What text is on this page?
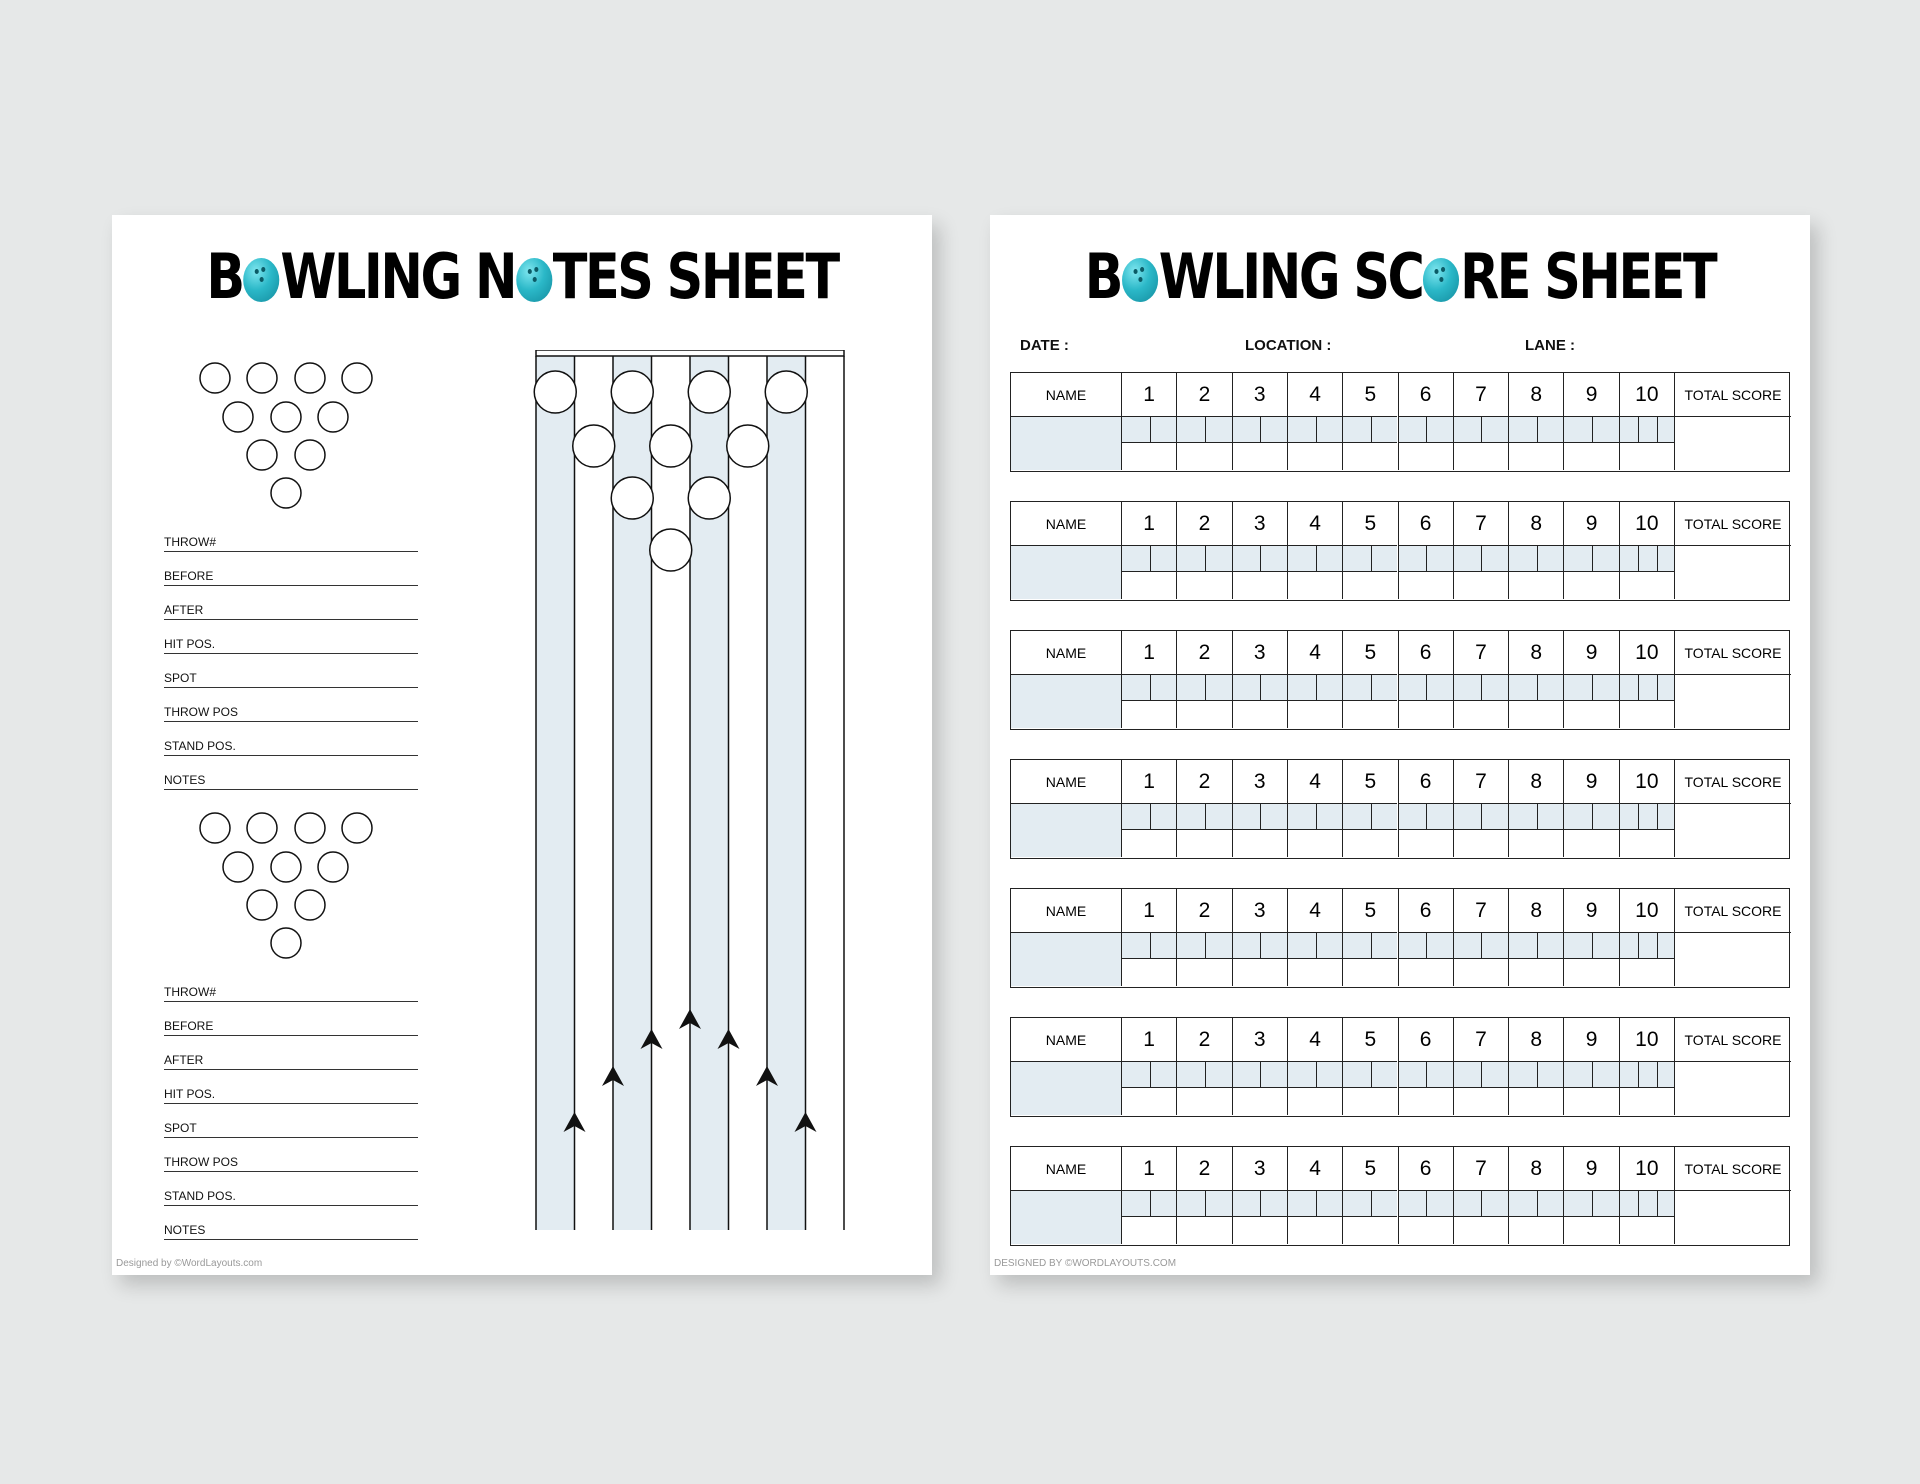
B WLING N TES SHEET
THROW#
BEFORE
AFTER
HIT POS.
SPOT
THROW POS
STAND POS.
NOTES
THROW#
BEFORE
AFTER
HIT POS.
SPOT
THROW POS
STAND POS.
NOTES
Designed by ©WordLayouts.com
B WLING SC RE SHEET
DATE :	LOCATION :	LANE :
NAME	1	2	3	4	5	6	7	8	9	10	TOTAL SCORE
NAME	1	2	3	4	5	6	7	8	9	10	TOTAL SCORE
NAME	1	2	3	4	5	6	7	8	9	10	TOTAL SCORE
NAME	1	2	3	4	5	6	7	8	9	10	TOTAL SCORE
NAME	1	2	3	4	5	6	7	8	9	10	TOTAL SCORE
NAME	1	2	3	4	5	6	7	8	9	10	TOTAL SCORE
NAME	1	2	3	4	5	6	7	8	9	10	TOTAL SCORE
DESIGNED BY ©WORDLAYOUTS.COM
